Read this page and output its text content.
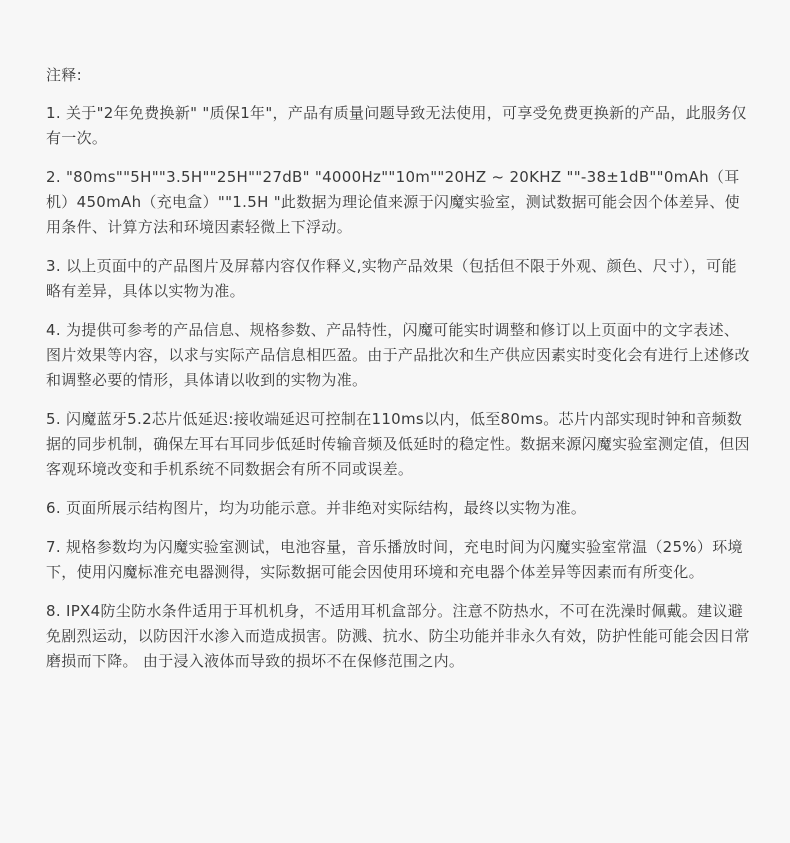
注释:
1. 关于"2年免费换新" "质保1年"，产品有质量问题导致无法使用，可享受免费更换新的产品，此服务仅有一次。
2. "80ms""5H""3.5H""25H""27dB" "4000Hz""10m""20HZ ~ 20KHZ ""-38±1dB""0mAh（耳机）450mAh（充电盒）""1.5H "此数据为理论值来源于闪魔实验室，测试数据可能会因个体差异、使用条件、计算方法和环境因素轻微上下浮动。
3. 以上页面中的产品图片及屏幕内容仅作释义,实物产品效果（包括但不限于外观、颜色、尺寸），可能略有差异，具体以实物为准。
4. 为提供可参考的产品信息、规格参数、产品特性，闪魔可能实时调整和修订以上页面中的文字表述、图片效果等内容，以求与实际产品信息相匹盈。由于产品批次和生产供应因素实时变化会有进行上述修改和调整必要的情形，具体请以收到的实物为准。
5. 闪魔蓝牙5.2芯片低延迟:接收端延迟可控制在110ms以内，低至80ms。芯片内部实现时钟和音频数据的同步机制，确保左耳右耳同步低延时传输音频及低延时的稳定性。数据来源闪魔实验室测定值，但因客观环境改变和手机系统不同数据会有所不同或误差。
6. 页面所展示结构图片，均为功能示意。并非绝对实际结构，最终以实物为准。
7. 规格参数均为闪魔实验室测试，电池容量，音乐播放时间，充电时间为闪魔实验室常温（25%）环境下，使用闪魔标准充电器测得，实际数据可能会因使用环境和充电器个体差异等因素而有所变化。
8. IPX4防尘防水条件适用于耳机机身，不适用耳机盒部分。注意不防热水，不可在洗澡时佩戴。建议避免剧烈运动，以防因汗水渗入而造成损害。防溅、抗水、防尘功能并非永久有效，防护性能可能会因日常磨损而下降。 由于浸入液体而导致的损坏不在保修范围之内。
